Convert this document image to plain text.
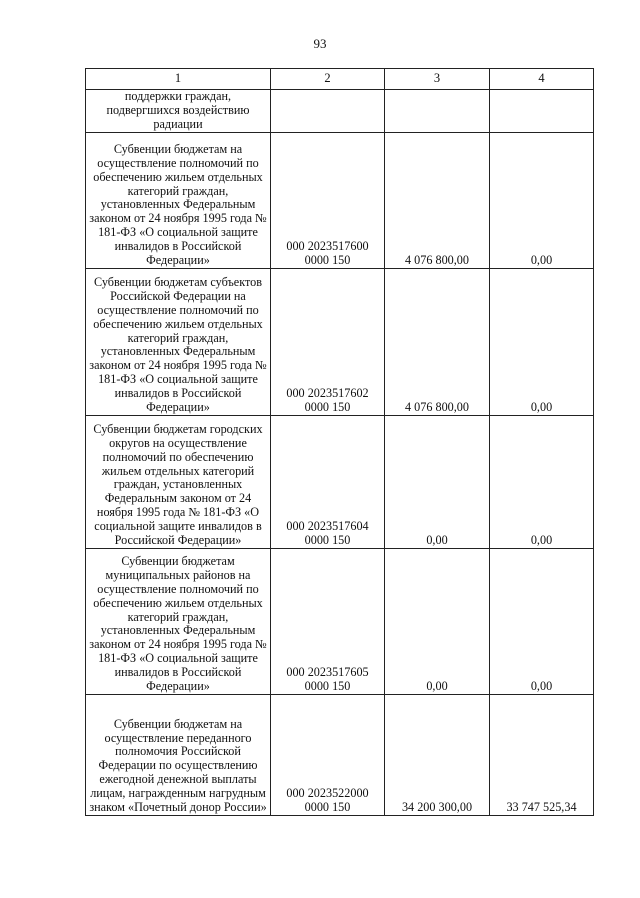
93
1	2	3	4
поддержки граждан, подвергшихся воздействию радиации	

Субвенции бюджетам на осуществление полномочий по обеспечению жильем отдельных категорий граждан, установленных Федеральным законом от 24 ноября 1995 года № 181-ФЗ «О социальной защите инвалидов в Российской Федерации»	000 2023517600
0000 150	4 076 800,00	0,00
Субвенции бюджетам субъектов Российской Федерации на осуществление полномочий по обеспечению жильем отдельных категорий граждан, установленных Федеральным законом от 24 ноября 1995 года № 181-ФЗ «О социальной защите инвалидов в Российской Федерации»	000 2023517602
0000 150	4 076 800,00	0,00
Субвенции бюджетам городских округов на осуществление полномочий по обеспечению жильем отдельных категорий граждан, установленных Федеральным законом от 24 ноября 1995 года № 181-ФЗ «О социальной защите инвалидов в Российской Федерации»	000 2023517604
0000 150	0,00	0,00
Субвенции бюджетам муниципальных районов на осуществление полномочий по обеспечению жильем отдельных категорий граждан, установленных Федеральным законом от 24 ноября 1995 года № 181-ФЗ «О социальной защите инвалидов в Российской Федерации»	000 2023517605
0000 150	0,00	0,00
Субвенции бюджетам на осуществление переданного полномочия Российской Федерации по осуществлению ежегодной денежной выплаты лицам, награжденным нагрудным знаком «Почетный донор России»	000 2023522000
0000 150	34 200 300,00	33 747 525,34
